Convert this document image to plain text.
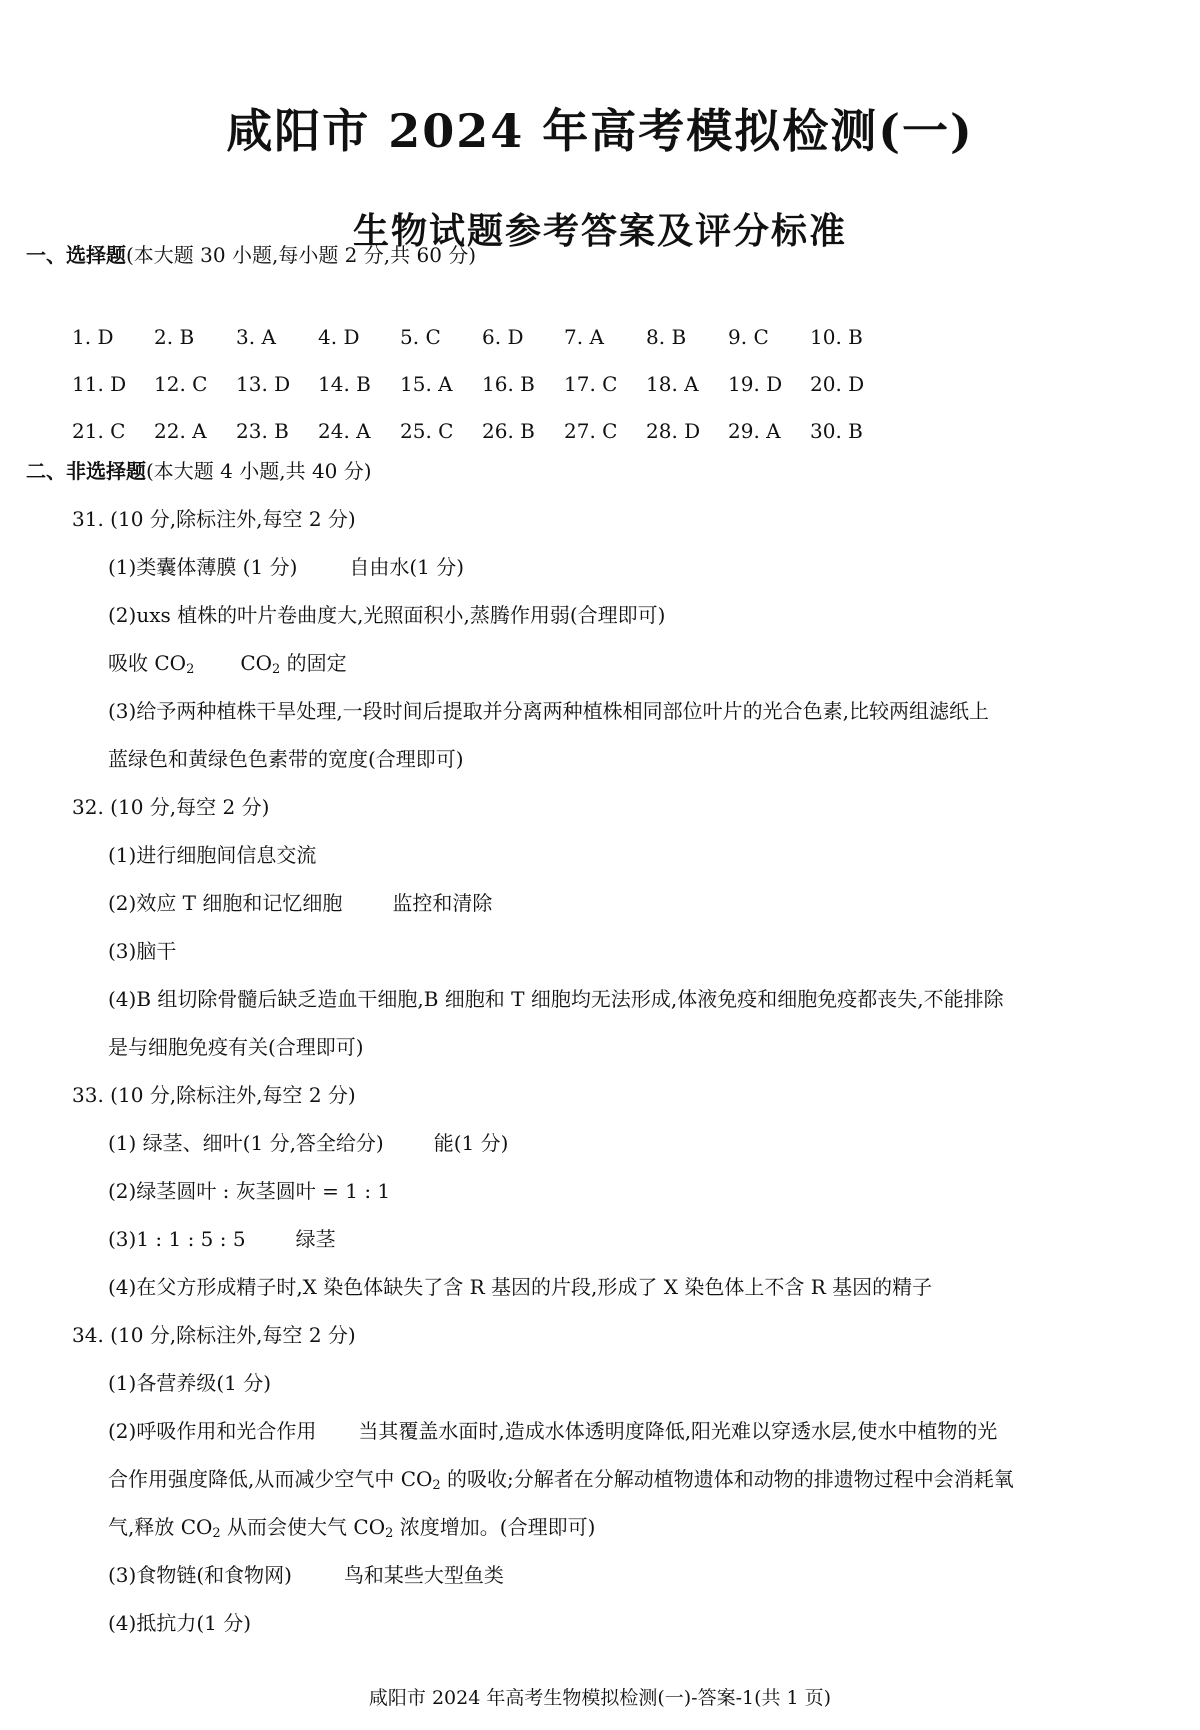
咸阳市 2024 年高考模拟检测(一)
生物试题参考答案及评分标准
一、选择题(本大题 30 小题,每小题 2 分,共 60 分)
1. D	2. B	3. A	4. D	5. C	6. D	7. A	8. B	9. C	10. B
11. D	12. C	13. D	14. B	15. A	16. B	17. C	18. A	19. D	20. D
21. C	22. A	23. B	24. A	25. C	26. B	27. C	28. D	29. A	30. B
二、非选择题(本大题 4 小题,共 40 分)
31. (10 分,除标注外,每空 2 分)
(1)类囊体薄膜 (1 分)	自由水(1 分)
(2)uxs 植株的叶片卷曲度大,光照面积小,蒸腾作用弱(合理即可)
吸收 $CO_2$ $CO_2$ 的固定
(3)给予两种植株干旱处理,一段时间后提取并分离两种植株相同部位叶片的光合色素,比较两组滤纸上
蓝绿色和黄绿色色素带的宽度(合理即可)
32. (10 分,每空 2 分)
(1)进行细胞间信息交流
(2)效应 T 细胞和记忆细胞	监控和清除
(3)脑干
(4)B 组切除骨髓后缺乏造血干细胞,B 细胞和 T 细胞均无法形成,体液免疫和细胞免疫都丧失,不能排除
是与细胞免疫有关(合理即可)
33. (10 分,除标注外,每空 2 分)
(1) 绿茎、细叶(1 分,答全给分)	能(1 分)
(2)绿茎圆叶 : 灰茎圆叶 = 1 : 1
(3)1 : 1 : 5 : 5	绿茎
(4)在父方形成精子时,X 染色体缺失了含 R 基因的片段,形成了 X 染色体上不含 R 基因的精子
34. (10 分,除标注外,每空 2 分)
(1)各营养级(1 分)
(2)呼吸作用和光合作用 当其覆盖水面时,造成水体透明度降低,阳光难以穿透水层,使水中植物的光
合作用强度降低,从而减少空气中 $CO_2$ 的吸收;分解者在分解动植物遗体和动物的排遗物过程中会消耗氧
气,释放 $CO_2$ 从而会使大气 $CO_2$ 浓度增加。(合理即可)
(3)食物链(和食物网)	鸟和某些大型鱼类
(4)抵抗力(1 分)
咸阳市 2024 年高考生物模拟检测(一)-答案-1(共 1 页)
